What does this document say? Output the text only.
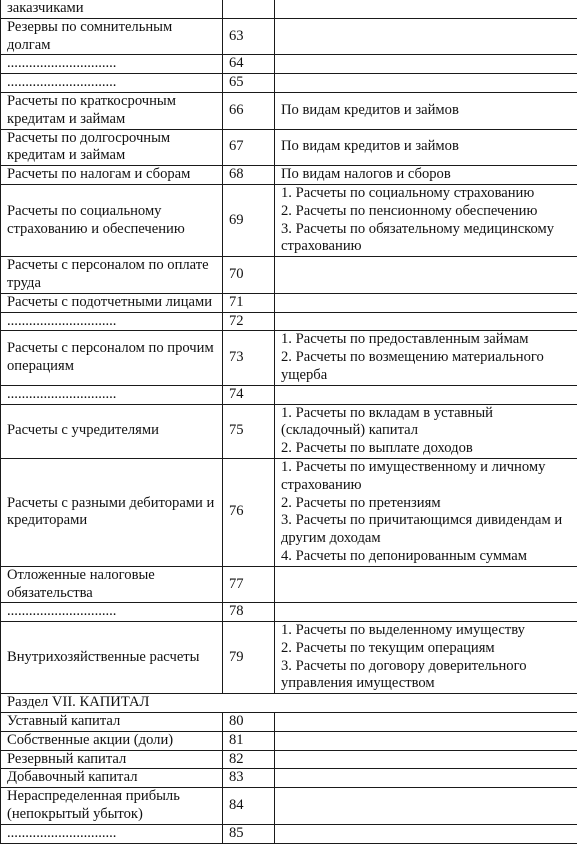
заказчиками		
Резервы по сомнительным долгам	63	
..............................	64	
..............................	65	
Расчеты по краткосрочным кредитам и займам	66	По видам кредитов и займов

Расчеты по долгосрочным кредитам и займам	67	По видам кредитов и займов

Расчеты по налогам и сборам	68	По видам налогов и сборов

Расчеты по социальному страхованию и обеспечению	69	1. Расчеты по социальному страхованию
2. Расчеты по пенсионному обеспечению
3. Расчеты по обязательному медицинскому страхованию

Расчеты с персоналом по оплате труда	70	
Расчеты с подотчетными лицами	71	
..............................	72	
Расчеты с персоналом по прочим операциям	73	1. Расчеты по предоставленным займам
2. Расчеты по возмещению материального ущерба

..............................	74	
Расчеты с учредителями	75	1. Расчеты по вкладам в уставный (складочный) капитал
2. Расчеты по выплате доходов

Расчеты с разными дебиторами и кредиторами	76	1. Расчеты по имущественному и личному страхованию
2. Расчеты по претензиям
3. Расчеты по причитающимся дивидендам и другим доходам
4. Расчеты по депонированным суммам

Отложенные налоговые обязательства	77	
..............................	78	
Внутрихозяйственные расчеты	79	1. Расчеты по выделенному имуществу
2. Расчеты по текущим операциям
3. Расчеты по договору доверительного управления имуществом

Раздел VII. КАПИТАЛ		
Уставный капитал	80	
Собственные акции (доли)	81	
Резервный капитал	82	
Добавочный капитал	83	
Нераспределенная прибыль (непокрытый убыток)	84	
..............................	85	
